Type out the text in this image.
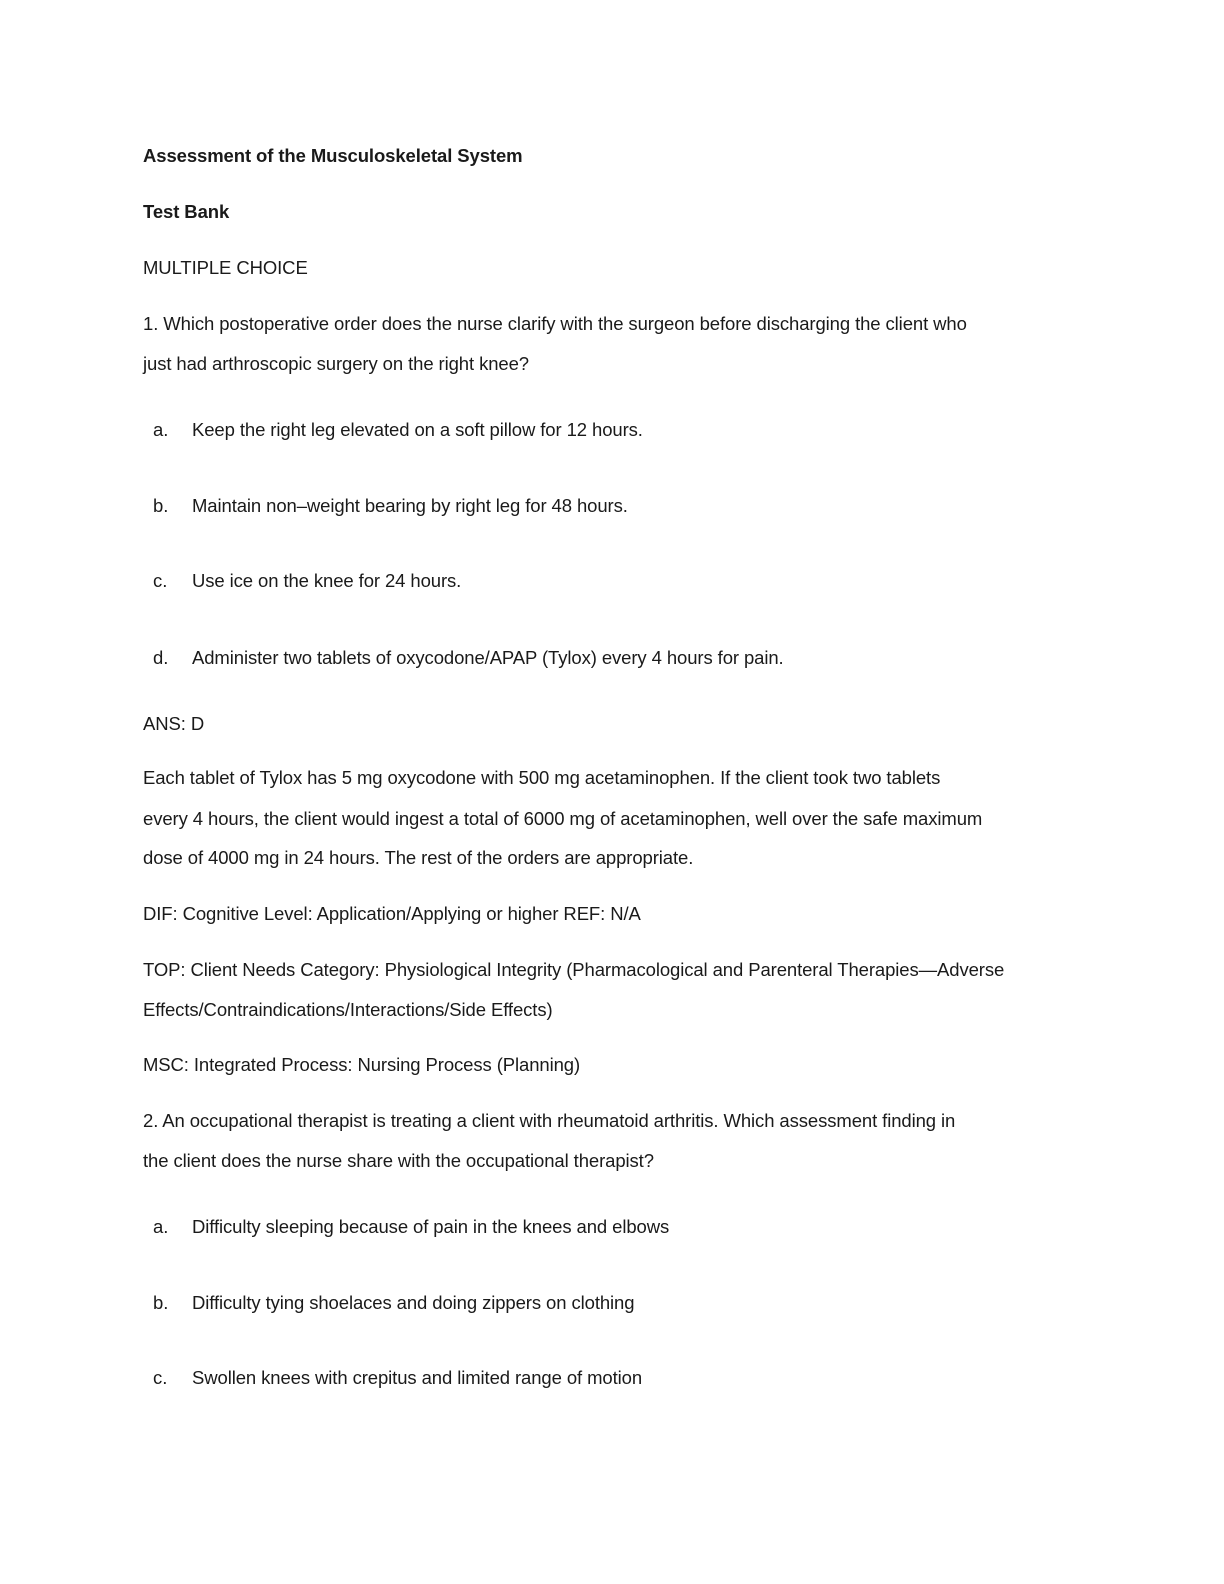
Assessment of the Musculoskeletal System
Test Bank
MULTIPLE CHOICE
1. Which postoperative order does the nurse clarify with the surgeon before discharging the client who
just had arthroscopic surgery on the right knee?
a. Keep the right leg elevated on a soft pillow for 12 hours.
b. Maintain non–weight bearing by right leg for 48 hours.
c. Use ice on the knee for 24 hours.
d. Administer two tablets of oxycodone/APAP (Tylox) every 4 hours for pain.
ANS: D
Each tablet of Tylox has 5 mg oxycodone with 500 mg acetaminophen. If the client took two tablets
every 4 hours, the client would ingest a total of 6000 mg of acetaminophen, well over the safe maximum
dose of 4000 mg in 24 hours. The rest of the orders are appropriate.
DIF: Cognitive Level: Application/Applying or higher REF: N/A
TOP: Client Needs Category: Physiological Integrity (Pharmacological and Parenteral Therapies—Adverse
Effects/Contraindications/Interactions/Side Effects)
MSC: Integrated Process: Nursing Process (Planning)
2. An occupational therapist is treating a client with rheumatoid arthritis. Which assessment finding in
the client does the nurse share with the occupational therapist?
a. Difficulty sleeping because of pain in the knees and elbows
b. Difficulty tying shoelaces and doing zippers on clothing
c. Swollen knees with crepitus and limited range of motion
